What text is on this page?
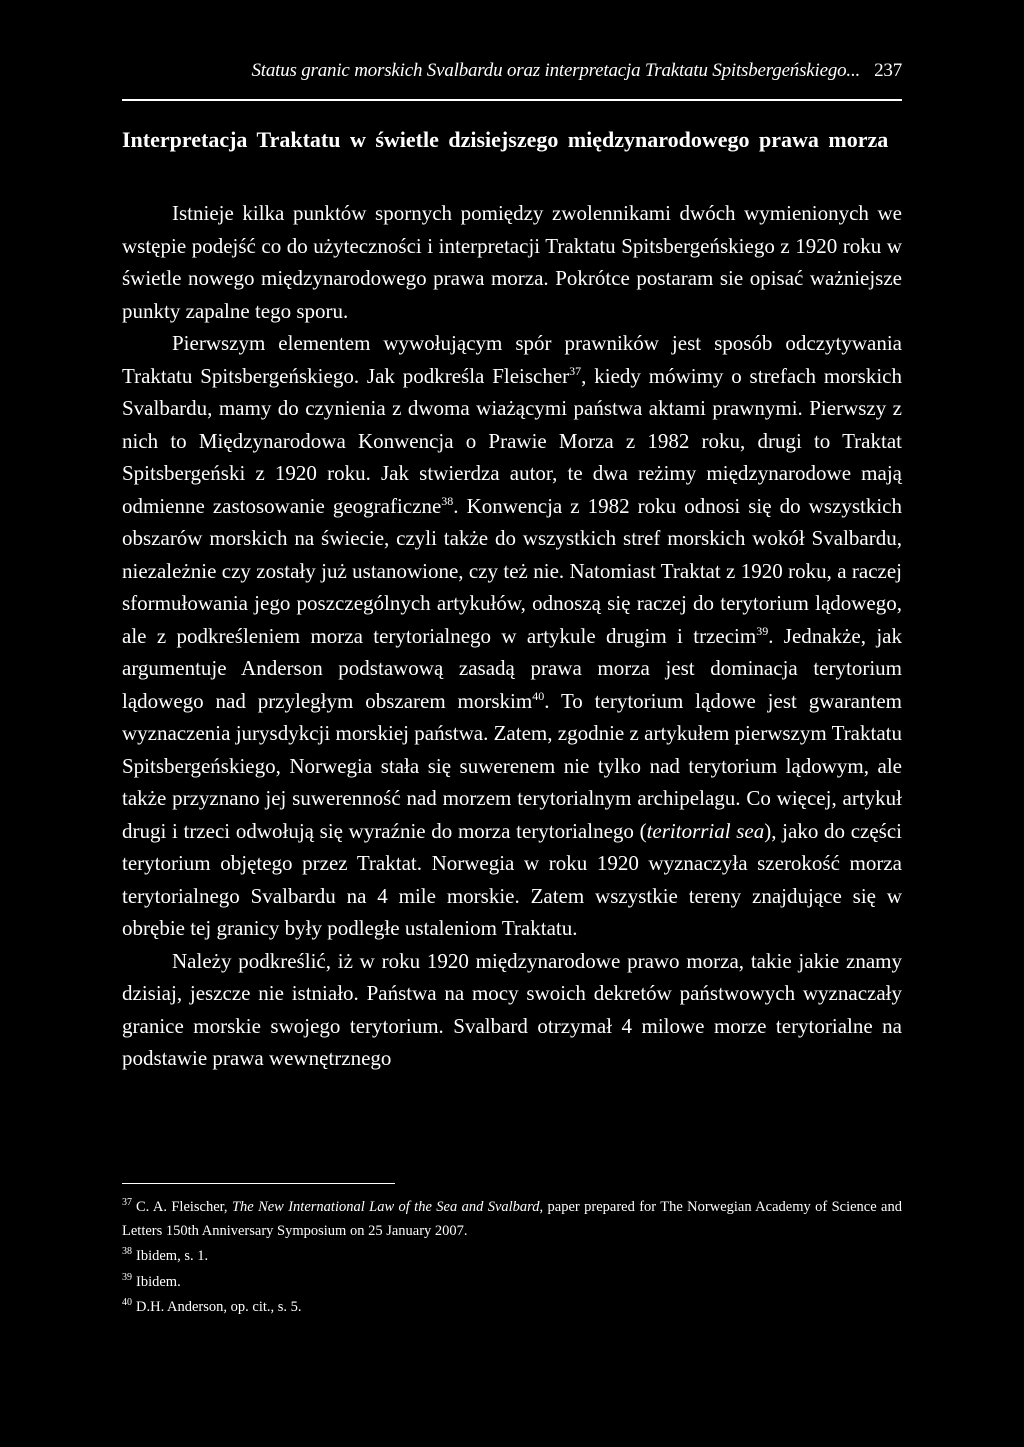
Status granic morskich Svalbardu oraz interpretacja Traktatu Spitsbergeńskiego... 237
Interpretacja Traktatu w świetle dzisiejszego międzynarodowego prawa morza

Istnieje kilka punktów spornych pomiędzy zwolennikami dwóch wymienionych we wstępie podejść co do użyteczności i interpretacji Traktatu Spitsbergeńskiego z 1920 roku w świetle nowego międzynarodowego prawa morza. Pokrótce postaram sie opisać ważniejsze punkty zapalne tego sporu.

Pierwszym elementem wywołującym spór prawników jest sposób odczytywania Traktatu Spitsbergeńskiego. Jak podkreśla Fleischer$^{37}$, kiedy mówimy o strefach morskich Svalbardu, mamy do czynienia z dwoma wiażącymi państwa aktami prawnymi. Pierwszy z nich to Międzynarodowa Konwencja o Prawie Morza z 1982 roku, drugi to Traktat Spitsbergeński z 1920 roku. Jak stwierdza autor, te dwa reżimy międzynarodowe mają odmienne zastosowanie geograficzne$^{38}$. Konwencja z 1982 roku odnosi się do wszystkich obszarów morskich na świecie, czyli także do wszystkich stref morskich wokół Svalbardu, niezależnie czy zostały już ustanowione, czy też nie. Natomiast Traktat z 1920 roku, a raczej sformułowania jego poszczególnych artykułów, odnoszą się raczej do terytorium lądowego, ale z podkreśleniem morza terytorialnego w artykule drugim i trzecim$^{39}$. Jednakże, jak argumentuje Anderson podstawową zasadą prawa morza jest dominacja terytorium lądowego nad przyległym obszarem morskim$^{40}$. To terytorium lądowe jest gwarantem wyznaczenia jurysdykcji morskiej państwa. Zatem, zgodnie z artykułem pierwszym Traktatu Spitsbergeńskiego, Norwegia stała się suwerenem nie tylko nad terytorium lądowym, ale także przyznano jej suwerenność nad morzem terytorialnym archipelagu. Co więcej, artykuł drugi i trzeci odwołują się wyraźnie do morza terytorialnego (teritorrial sea), jako do części terytorium objętego przez Traktat. Norwegia w roku 1920 wyznaczyła szerokość morza terytorialnego Svalbardu na 4 mile morskie. Zatem wszystkie tereny znajdujące się w obrębie tej granicy były podległe ustaleniom Traktatu.

Należy podkreślić, iż w roku 1920 międzynarodowe prawo morza, takie jakie znamy dzisiaj, jeszcze nie istniało. Państwa na mocy swoich dekretów państwowych wyznaczały granice morskie swojego terytorium. Svalbard otrzymał 4 milowe morze terytorialne na podstawie prawa wewnętrznego

$^{37}$ C. A. Fleischer, The New International Law of the Sea and Svalbard, paper prepared for The Norwegian Academy of Science and Letters 150th Anniversary Symposium on 25 January 2007.

$^{38}$ Ibidem, s. 1.

$^{39}$ Ibidem.

$^{40}$ D.H. Anderson, op. cit., s. 5.
